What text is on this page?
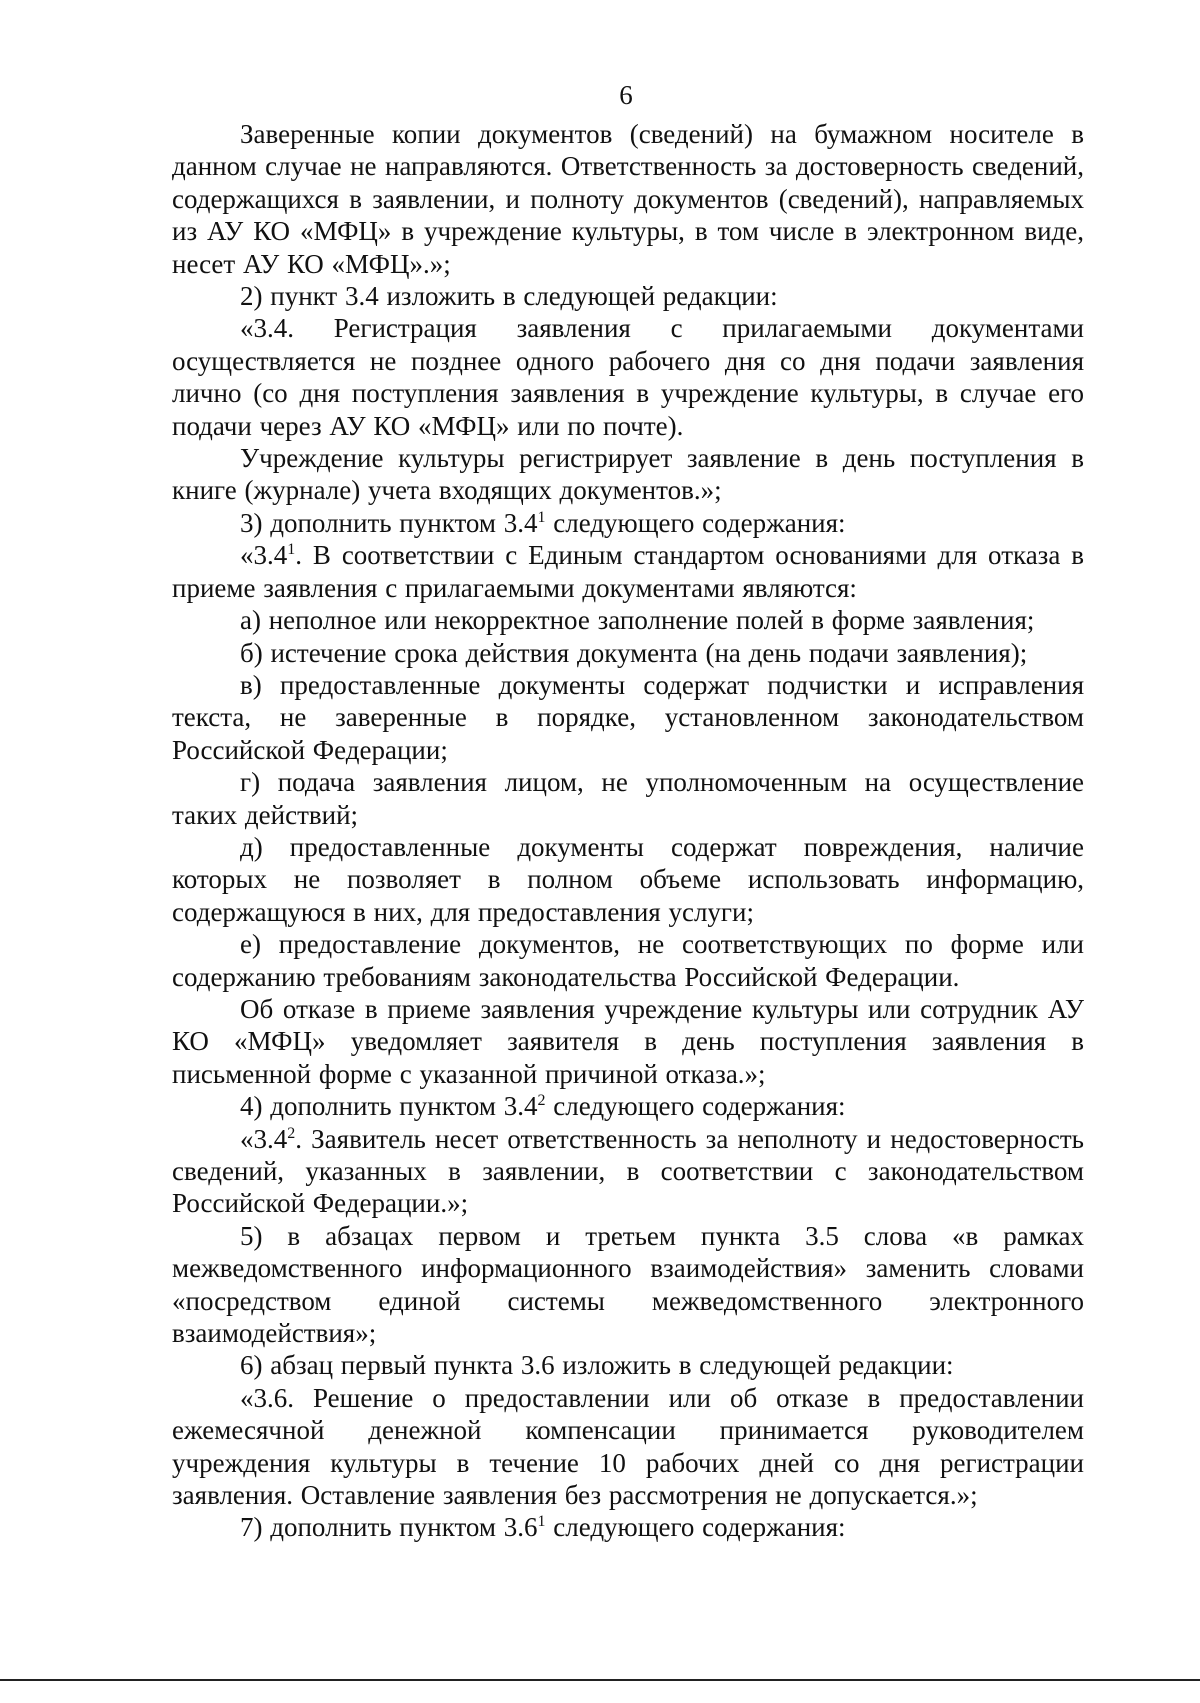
6

Заверенные копии документов (сведений) на бумажном носителе в данном случае не направляются. Ответственность за достоверность сведений, содержащихся в заявлении, и полноту документов (сведений), направляемых из АУ КО «МФЦ» в учреждение культуры, в том числе в электронном виде, несет АУ КО «МФЦ».»;

2) пункт 3.4 изложить в следующей редакции:

«3.4. Регистрация заявления с прилагаемыми документами осуществляется не позднее одного рабочего дня со дня подачи заявления лично (со дня поступления заявления в учреждение культуры, в случае его подачи через АУ КО «МФЦ» или по почте).

Учреждение культуры регистрирует заявление в день поступления в книге (журнале) учета входящих документов.»;

3) дополнить пунктом $3.4^1$ следующего содержания:

«$3.4^1$. В соответствии с Единым стандартом основаниями для отказа в приеме заявления с прилагаемыми документами являются:

а) неполное или некорректное заполнение полей в форме заявления;

б) истечение срока действия документа (на день подачи заявления);

в) предоставленные документы содержат подчистки и исправления текста, не заверенные в порядке, установленном законодательством Российской Федерации;

г) подача заявления лицом, не уполномоченным на осуществление таких действий;

д) предоставленные документы содержат повреждения, наличие которых не позволяет в полном объеме использовать информацию, содержащуюся в них, для предоставления услуги;

е) предоставление документов, не соответствующих по форме или содержанию требованиям законодательства Российской Федерации.

Об отказе в приеме заявления учреждение культуры или сотрудник АУ КО «МФЦ» уведомляет заявителя в день поступления заявления в письменной форме с указанной причиной отказа.»;

4) дополнить пунктом $3.4^2$ следующего содержания:

«$3.4^2$. Заявитель несет ответственность за неполноту и недостоверность сведений, указанных в заявлении, в соответствии с законодательством Российской Федерации.»;

5) в абзацах первом и третьем пункта 3.5 слова «в рамках межведомственного информационного взаимодействия» заменить словами «посредством единой системы межведомственного электронного взаимодействия»;

6) абзац первый пункта 3.6 изложить в следующей редакции:

«3.6. Решение о предоставлении или об отказе в предоставлении ежемесячной денежной компенсации принимается руководителем учреждения культуры в течение 10 рабочих дней со дня регистрации заявления. Оставление заявления без рассмотрения не допускается.»;

7) дополнить пунктом $3.6^1$ следующего содержания:
